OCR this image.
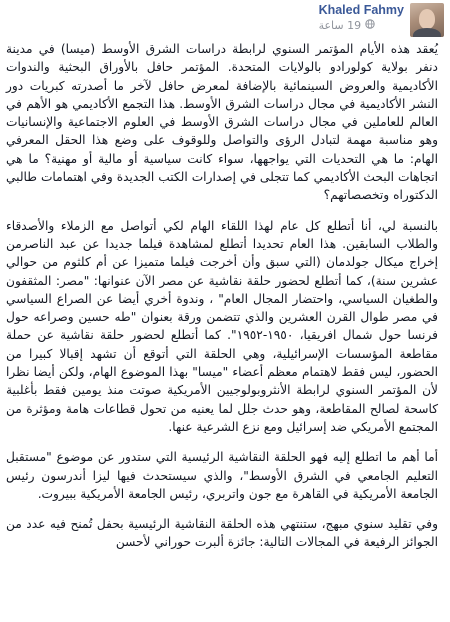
Khaled Fahmy
19 ساعة

يُعقد هذه الأيام المؤتمر السنوي لرابطة دراسات الشرق الأوسط (ميسا) في مدينة دنفر بولاية كولورادو بالولايات المتحدة. المؤتمر حافل بالأوراق البحثية والندوات الأكاديمية والعروض السينمائية بالإضافة لمعرض حافل لآخر ما أصدرته كبريات دور النشر الأكاديمية في مجال دراسات الشرق الأوسط. هذا التجمع الأكاديمي هو الأهم في العالم للعاملين في مجال دراسات الشرق الأوسط في العلوم الاجتماعية والإنسانيات وهو مناسبة مهمة لتبادل الرؤى والتواصل وللوقوف على وضع هذا الحقل المعرفي الهام: ما هي التحديات التي يواجهها، سواء كانت سياسية أو مالية أو مهنية؟ ما هي اتجاهات البحث الأكاديمي كما تتجلى في إصدارات الكتب الجديدة وفي اهتمامات طالبي الدكتوراه وتخصصاتهم؟

بالنسبة لي، أنا أتطلع كل عام لهذا اللقاء الهام لكي أتواصل مع الزملاء والأصدقاء والطلاب السابقين. هذا العام تحديدا أتطلع لمشاهدة فيلما جديدا عن عبد الناصرمن إخراج ميكال جولدمان (التي سبق وأن أخرجت فيلما متميزا عن أم كلثوم من حوالي عشرين سنة)، كما أتطلع لحضور حلقة نقاشية عن مصر الآن عنوانها: "مصر: المثقفون والطغيان السياسي، واحتضار المجال العام" ، وندوة أخري أيضا عن الصراع السياسي في مصر طوال القرن العشرين والذي تتضمن ورقة بعنوان "طه حسين وصراعه حول فرنسا حول شمال افريقيا، ١٩٥٠-١٩٥٢". كما أتطلع لحضور حلقة نقاشية عن حملة مقاطعة المؤسسات الإسرائيلية، وهي الحلقة التي أتوقع أن تشهد إقبالا كبيرا من الحضور، ليس فقط لاهتمام معظم أعضاء "ميسا" بهذا الموضوع الهام، ولكن أيضا نظرا لأن المؤتمر السنوي لرابطة الأنثروبولوجيين الأمريكية صوتت منذ يومين فقط بأغلبية كاسحة لصالح المقاطعة، وهو حدث جلل لما يعنيه من تحول قطاعات هامة ومؤثرة من المجتمع الأمريكي ضد إسرائيل ومع نزع الشرعية عنها.

أما أهم ما اتطلع إليه فهو الحلقة النقاشية الرئيسية التي ستدور عن موضوع "مستقبل التعليم الجامعي في الشرق الأوسط"، والذي سيستحدث فيها ليزا أندرسون رئيس الجامعة الأمريكية في القاهرة مع جون واتربري، رئيس الجامعة الأمريكية ببيروت.

وفي تقليد سنوي مبهج، ستنتهي هذه الحلقة النقاشية الرئيسية بحفل تُمنح فيه عدد من الجوائز الرفيعة في المجالات التالية: جائزة ألبرت حوراني لأحسن
